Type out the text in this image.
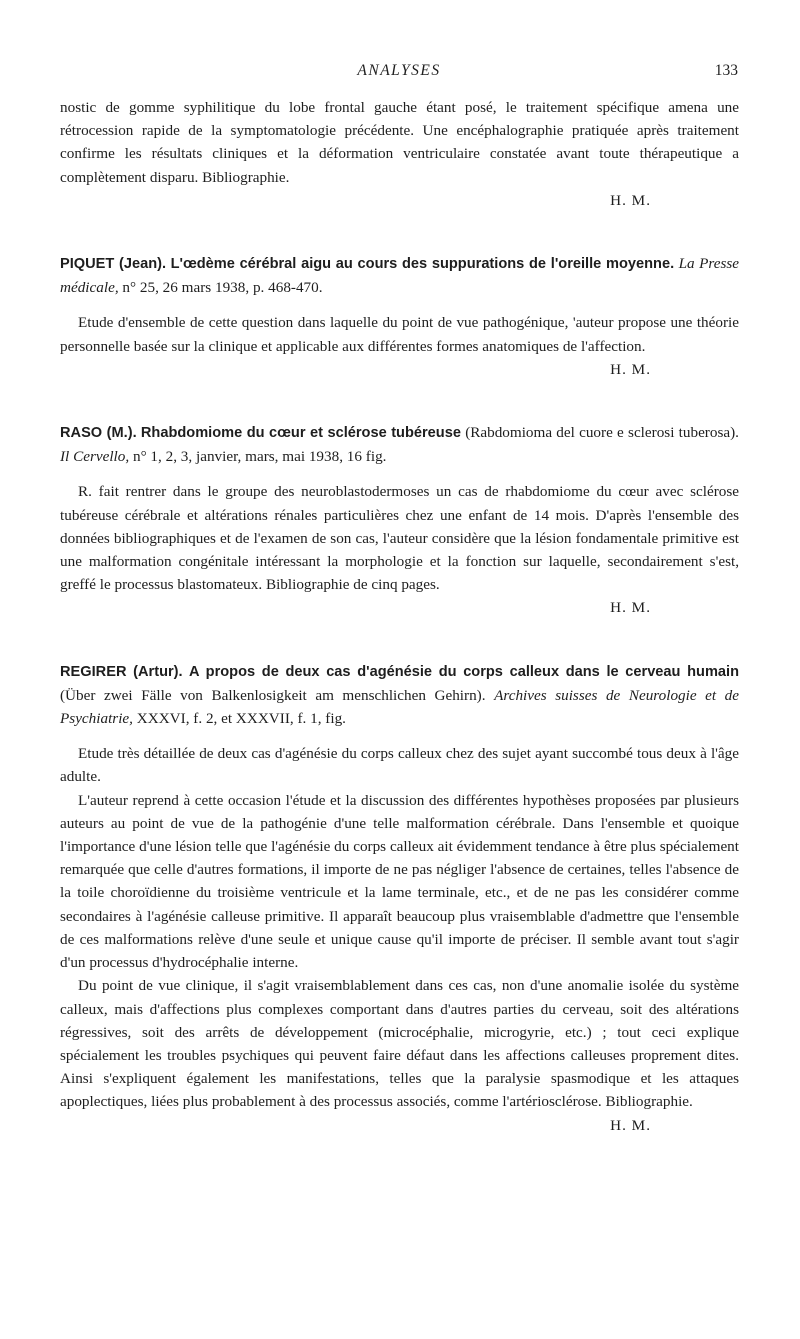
ANALYSES	133

nostic de gomme syphilitique du lobe frontal gauche étant posé, le traitement spécifique amena une rétrocession rapide de la symptomatologie précédente. Une encéphalographie pratiquée après traitement confirme les résultats cliniques et la déformation ventriculaire constatée avant toute thérapeutique a complètement disparu. Bibliographie.

H. M.

PIQUET (Jean). L'œdème cérébral aigu au cours des suppurations de l'oreille moyenne. La Presse médicale, n° 25, 26 mars 1938, p. 468-470.

Etude d'ensemble de cette question dans laquelle du point de vue pathogénique, 'auteur propose une théorie personnelle basée sur la clinique et applicable aux différentes formes anatomiques de l'affection.

H. M.

RASO (M.). Rhabdomiome du cœur et sclérose tubéreuse (Rabdomioma del cuore e sclerosi tuberosa). Il Cervello, n° 1, 2, 3, janvier, mars, mai 1938, 16 fig.

R. fait rentrer dans le groupe des neuroblastodermoses un cas de rhabdomiome du cœur avec sclérose tubéreuse cérébrale et altérations rénales particulières chez une enfant de 14 mois. D'après l'ensemble des données bibliographiques et de l'examen de son cas, l'auteur considère que la lésion fondamentale primitive est une malformation congénitale intéressant la morphologie et la fonction sur laquelle, secondairement s'est, greffé le processus blastomateux. Bibliographie de cinq pages.

H. M.

REGIRER (Artur). A propos de deux cas d'agénésie du corps calleux dans le cerveau humain (Über zwei Fälle von Balkenlosigkeit am menschlichen Gehirn). Archives suisses de Neurologie et de Psychiatrie, XXXVI, f. 2, et XXXVII, f. 1, fig.

Etude très détaillée de deux cas d'agénésie du corps calleux chez des sujet ayant succombé tous deux à l'âge adulte.

L'auteur reprend à cette occasion l'étude et la discussion des différentes hypothèses proposées par plusieurs auteurs au point de vue de la pathogénie d'une telle malformation cérébrale. Dans l'ensemble et quoique l'importance d'une lésion telle que l'agénésie du corps calleux ait évidemment tendance à être plus spécialement remarquée que celle d'autres formations, il importe de ne pas négliger l'absence de certaines, telles l'absence de la toile choroïdienne du troisième ventricule et la lame terminale, etc., et de ne pas les considérer comme secondaires à l'agénésie calleuse primitive. Il apparaît beaucoup plus vraisemblable d'admettre que l'ensemble de ces malformations relève d'une seule et unique cause qu'il importe de préciser. Il semble avant tout s'agir d'un processus d'hydrocéphalie interne.

Du point de vue clinique, il s'agit vraisemblablement dans ces cas, non d'une anomalie isolée du système calleux, mais d'affections plus complexes comportant dans d'autres parties du cerveau, soit des altérations régressives, soit des arrêts de développement (microcéphalie, microgyrie, etc.) ; tout ceci explique spécialement les troubles psychiques qui peuvent faire défaut dans les affections calleuses proprement dites. Ainsi s'expliquent également les manifestations, telles que la paralysie spasmodique et les attaques apoplectiques, liées plus probablement à des processus associés, comme l'artériosclérose. Bibliographie.

H. M.
